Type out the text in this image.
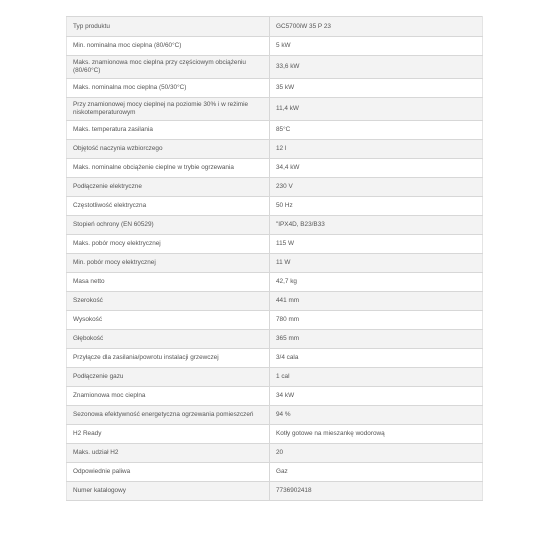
Typ produktu	GC5700iW 35 P 23
Min. nominalna moc cieplna (80/60°C)	5 kW
Maks. znamionowa moc cieplna przy częściowym obciążeniu (80/60°C)	33,6 kW
Maks. nominalna moc cieplna (50/30°C)	35 kW
Przy znamionowej mocy cieplnej na poziomie 30% i w reżimie niskotemperaturowym	11,4 kW
Maks. temperatura zasilania	85°C
Objętość naczynia wzbiorczego	12 l
Maks. nominalne obciążenie cieplne w trybie ogrzewania	34,4 kW
Podłączenie elektryczne	230 V
Częstotliwość elektryczna	50 Hz
Stopień ochrony (EN 60529)	"IPX4D, B23/B33
Maks. pobór mocy elektrycznej	115 W
Min. pobór mocy elektrycznej	11 W
Masa netto	42,7 kg
Szerokość	441 mm
Wysokość	780 mm
Głębokość	365 mm
Przyłącze dla zasilania/powrotu instalacji grzewczej	3/4 cala
Podłączenie gazu	1 cal
Znamionowa moc cieplna	34 kW
Sezonowa efektywność energetyczna ogrzewania pomieszczeń	94 %
H2 Ready	Kotły gotowe na mieszankę wodorową
Maks. udział H2	20
Odpowiednie paliwa	Gaz
Numer katalogowy	7736902418
